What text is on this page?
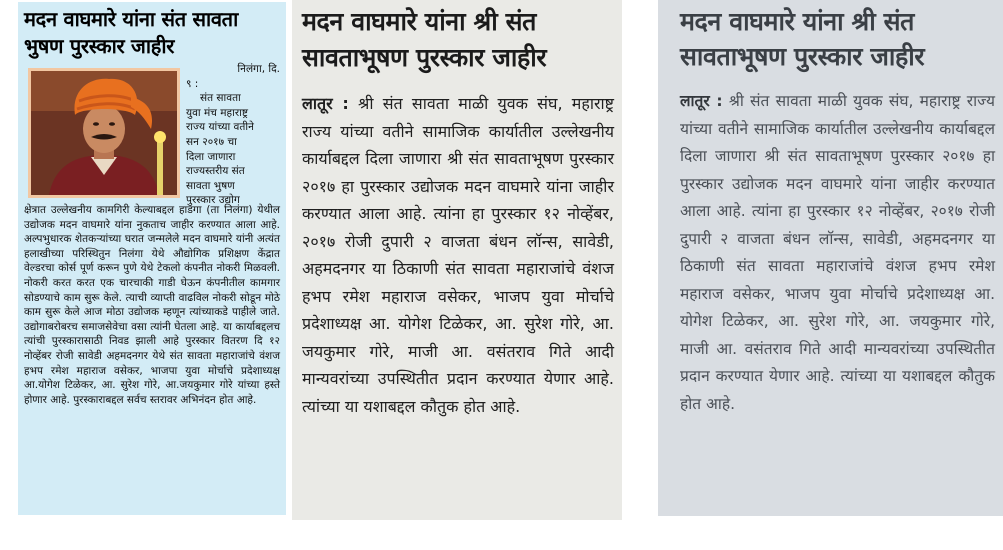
मदन वाघमारे यांना संत सावता भुषण पुरस्कार जाहीर
निलंगा, दि.
९ :
संत सावता
युवा मंच महाराष्ट्र
राज्य यांच्या वतीने
सन २०१७ चा
दिला जाणारा
राज्यस्तरीय संत
सावता भुषण
पुरस्कार उद्योग
क्षेत्रात उल्लेखनीय कामगिरी केल्याबद्दल हाडगा (ता निलंगा) येथील उद्योजक मदन वाघमारे यांना नुकताच जाहीर करण्यात आला आहे. अल्पभुधारक शेतकऱ्यांच्या घरात जन्मलेले मदन वाघमारे यांनी अत्यंत हलाखीच्या परिस्थितुन निलंगा येथे औद्योगिक प्रशिक्षण केंद्रात वेल्डरचा कोर्स पूर्ण करून पुणे येथे टेकलो कंपनीत नोकरी मिळवली. नोकरी करत करत एक चारचाकी गाडी घेऊन कंपनीतील कामगार सोडण्याचे काम सुरू केले. त्याची व्याप्ती वाढविल नोकरी सोडून मोठे काम सुरू केले आज मोठा उद्योजक म्हणून त्यांच्याकडे पाहीले जाते. उद्योगाबरोबरच समाजसेवेचा वसा त्यांनी घेतला आहे. या कार्याबद्दलच त्यांची पुरस्कारासाठी निवड झाली आहे पुरस्कार वितरण दि १२ नोव्हेंबर रोजी सावेडी अहमदनगर येथे संत सावता महाराजांचे वंशज हभप रमेश महाराज वसेकर, भाजपा युवा मोर्चाचे प्रदेशाध्यक्ष आ.योगेश टिळेकर, आ. सुरेश गोरे, आ.जयकुमार गोरे यांच्या हस्ते होणार आहे. पुरस्काराबद्दल सर्वच स्तरावर अभिनंदन होत आहे.
मदन वाघमारे यांना श्री संत सावताभूषण पुरस्कार जाहीर
लातूर : श्री संत सावता माळी युवक संघ, महाराष्ट्र राज्य यांच्या वतीने सामाजिक कार्यातील उल्लेखनीय कार्याबद्दल दिला जाणारा श्री संत सावताभूषण पुरस्कार २०१७ हा पुरस्कार उद्योजक मदन वाघमारे यांना जाहीर करण्यात आला आहे. त्यांना हा पुरस्कार १२ नोव्हेंबर, २०१७ रोजी दुपारी २ वाजता बंधन लॉन्स, सावेडी, अहमदनगर या ठिकाणी संत सावता महाराजांचे वंशज हभप रमेश महाराज वसेकर, भाजप युवा मोर्चाचे प्रदेशाध्यक्ष आ. योगेश टिळेकर, आ. सुरेश गोरे, आ. जयकुमार गोरे, माजी आ. वसंतराव गिते आदी मान्यवरांच्या उपस्थितीत प्रदान करण्यात येणार आहे. त्यांच्या या यशाबद्दल कौतुक होत आहे.
मदन वाघमारे यांना श्री संत सावताभूषण पुरस्कार जाहीर
लातूर : श्री संत सावता माळी युवक संघ, महाराष्ट्र राज्य यांच्या वतीने सामाजिक कार्यातील उल्लेखनीय कार्याबद्दल दिला जाणारा श्री संत सावताभूषण पुरस्कार २०१७ हा पुरस्कार उद्योजक मदन वाघमारे यांना जाहीर करण्यात आला आहे. त्यांना हा पुरस्कार १२ नोव्हेंबर, २०१७ रोजी दुपारी २ वाजता बंधन लॉन्स, सावेडी, अहमदनगर या ठिकाणी संत सावता महाराजांचे वंशज हभप रमेश महाराज वसेकर, भाजप युवा मोर्चाचे प्रदेशाध्यक्ष आ. योगेश टिळेकर, आ. सुरेश गोरे, आ. जयकुमार गोरे, माजी आ. वसंतराव गिते आदी मान्यवरांच्या उपस्थितीत प्रदान करण्यात येणार आहे. त्यांच्या या यशाबद्दल कौतुक होत आहे.
